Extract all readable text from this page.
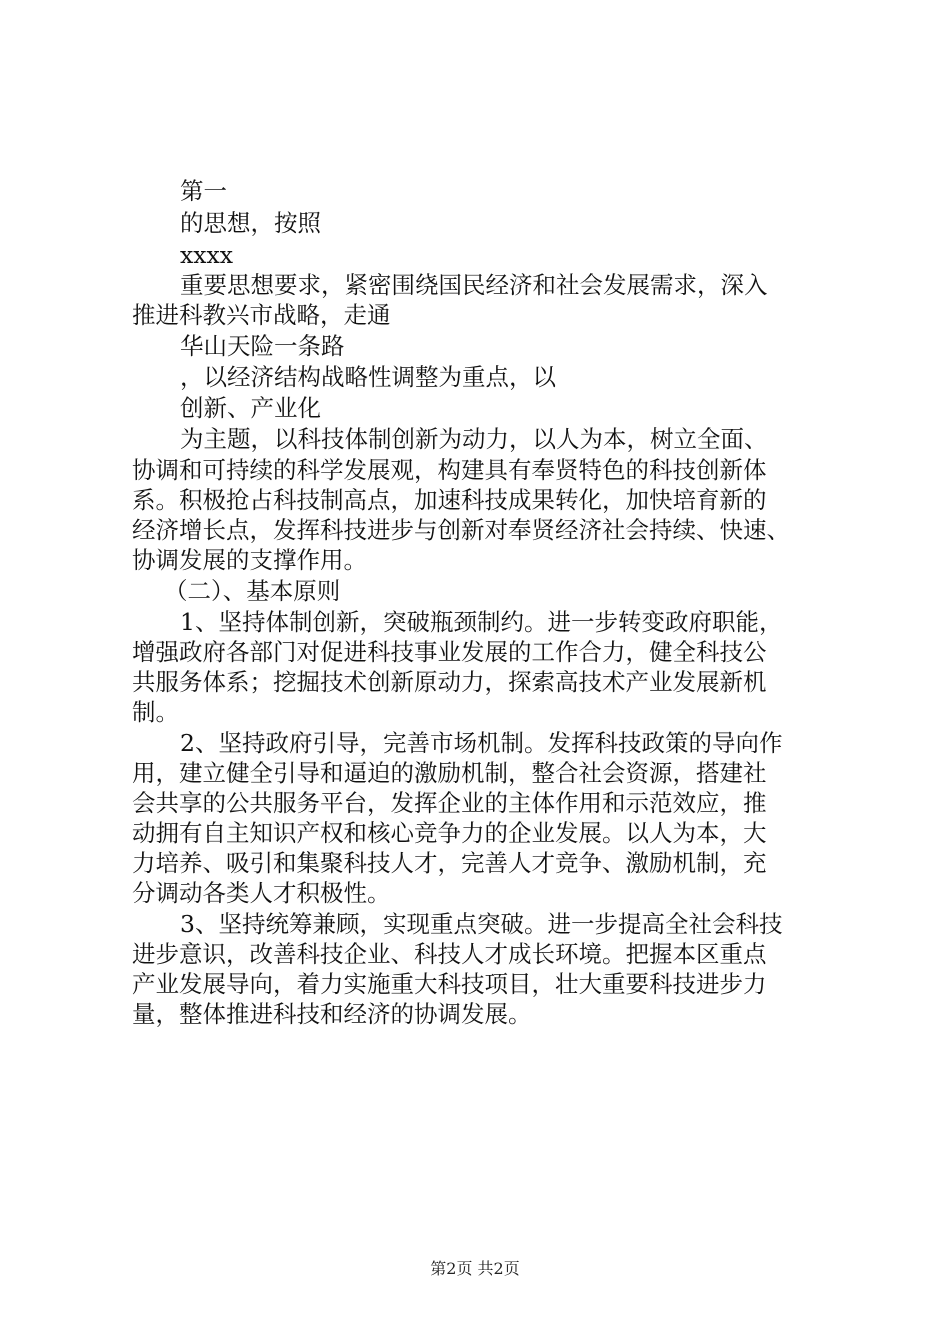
第一
的思想，按照
xxxx
重要思想要求，紧密围绕国民经济和社会发展需求，深入
推进科教兴市战略，走通
华山天险一条路
，以经济结构战略性调整为重点，以
创新、产业化
为主题，以科技体制创新为动力，以人为本，树立全面、
协调和可持续的科学发展观，构建具有奉贤特色的科技创新体
系。积极抢占科技制高点，加速科技成果转化，加快培育新的
经济增长点，发挥科技进步与创新对奉贤经济社会持续、快速、
协调发展的支撑作用。
（二）、基本原则
1、坚持体制创新，突破瓶颈制约。进一步转变政府职能，
增强政府各部门对促进科技事业发展的工作合力，健全科技公
共服务体系；挖掘技术创新原动力，探索高技术产业发展新机
制。
2、坚持政府引导，完善市场机制。发挥科技政策的导向作
用，建立健全引导和逼迫的激励机制，整合社会资源，搭建社
会共享的公共服务平台，发挥企业的主体作用和示范效应，推
动拥有自主知识产权和核心竞争力的企业发展。以人为本，大
力培养、吸引和集聚科技人才，完善人才竞争、激励机制，充
分调动各类人才积极性。
3、坚持统筹兼顾，实现重点突破。进一步提高全社会科技
进步意识，改善科技企业、科技人才成长环境。把握本区重点
产业发展导向，着力实施重大科技项目，壮大重要科技进步力
量，整体推进科技和经济的协调发展。
第2页 共2页
